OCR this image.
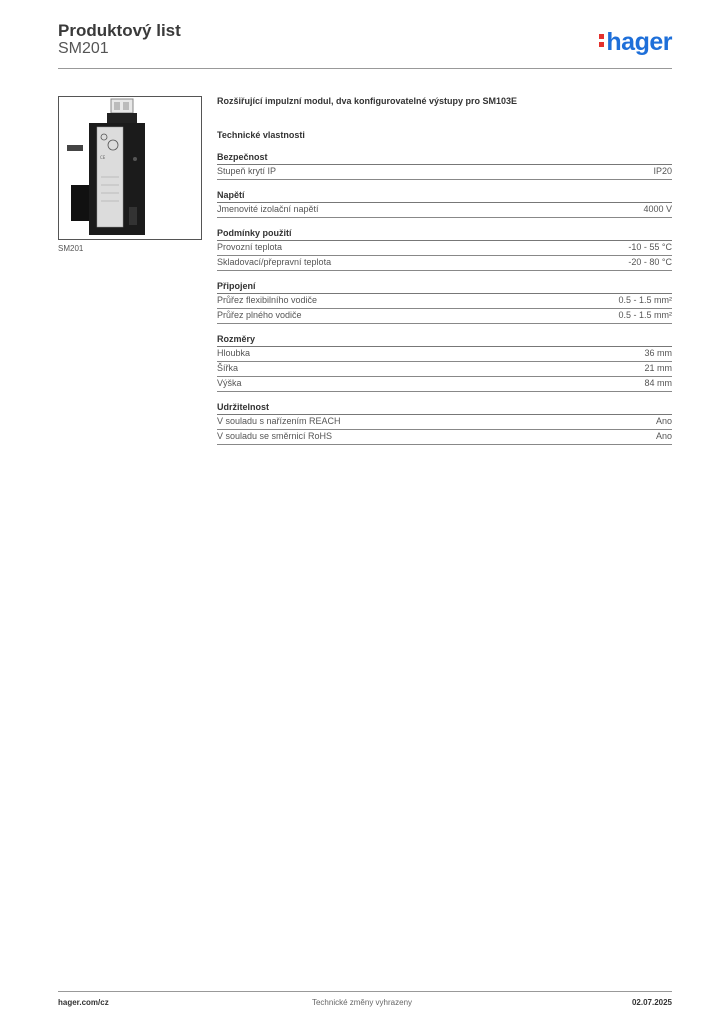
Produktový list
SM201	hager
CE
SM201
Rozšiřující impulzní modul, dva konfigurovatelné výstupy pro SM103E
Technické vlastnosti
Bezpečnost
Stupeň krytí IP	IP20
Napětí
Jmenovité izolační napětí	4000 V
Podmínky použití
Provozní teplota	-10 - 55 °C
Skladovací/přepravní teplota	-20 - 80 °C
Připojení
Průřez flexibilního vodiče	0.5 - 1.5 mm²
Průřez plného vodiče	0.5 - 1.5 mm²
Rozměry
Hloubka	36 mm
Šířka	21 mm
Výška	84 mm
Udržitelnost
V souladu s nařízením REACH	Ano
V souladu se směrnicí RoHS	Ano
hager.com/cz	Technické změny vyhrazeny	02.07.2025
